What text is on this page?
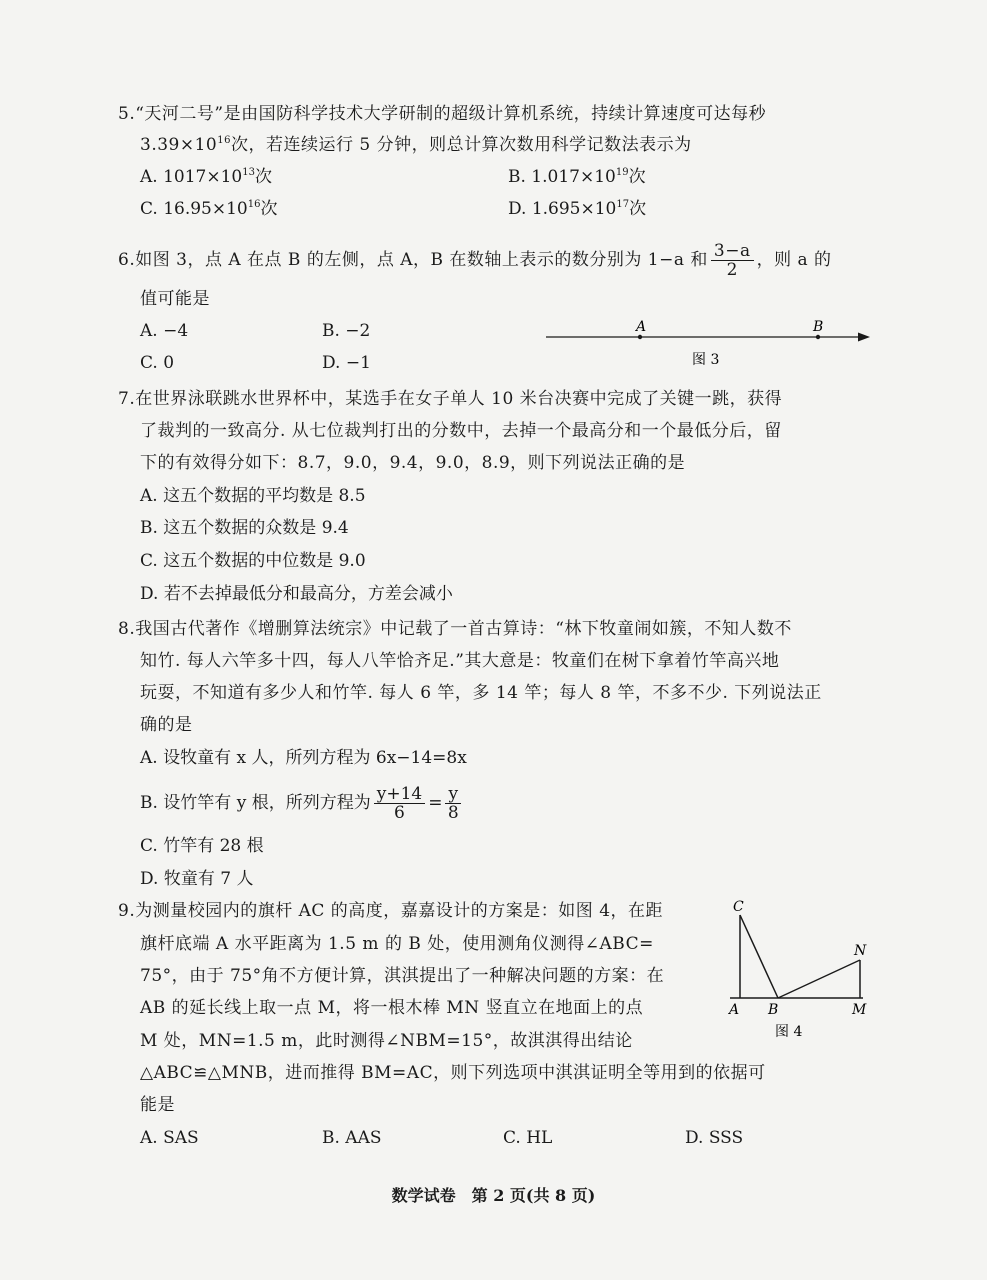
5.“天河二号”是由国防科学技术大学研制的超级计算机系统，持续计算速度可达每秒
$3.39\times 10^{16}$次，若连续运行 5 分钟，则总计算次数用科学记数法表示为
A. $1017\times 10^{13}$次	B. $1.017\times 10^{19}$次
C. $16.95\times 10^{16}$次	D. $1.695\times 10^{17}$次
6.如图 3，点 A 在点 B 的左侧，点 A，B 在数轴上表示的数分别为 1−a 和 $\frac{3-a}{2}$ ，则 a 的
值可能是
A. −4	B. −2
C. 0	D. −1
A	B
图 3
7.在世界泳联跳水世界杯中，某选手在女子单人 10 米台决赛中完成了关键一跳，获得
了裁判的一致高分. 从七位裁判打出的分数中，去掉一个最高分和一个最低分后，留
下的有效得分如下：8.7，9.0，9.4，9.0，8.9，则下列说法正确的是
A. 这五个数据的平均数是 8.5
B. 这五个数据的众数是 9.4
C. 这五个数据的中位数是 9.0
D. 若不去掉最低分和最高分，方差会减小
8.我国古代著作《增删算法统宗》中记载了一首古算诗：“林下牧童闹如簇，不知人数不
知竹. 每人六竿多十四，每人八竿恰齐足.”其大意是：牧童们在树下拿着竹竿高兴地
玩耍，不知道有多少人和竹竿. 每人 6 竿，多 14 竿；每人 8 竿，不多不少. 下列说法正
确的是
A. 设牧童有 x 人，所列方程为 6x−14=8x
B. 设竹竿有 y 根，所列方程为 $\frac{y+14}{6} = \frac{y}{8}$
C. 竹竿有 28 根
D. 牧童有 7 人
9.为测量校园内的旗杆 AC 的高度，嘉嘉设计的方案是：如图 4，在距
旗杆底端 A 水平距离为 1.5 m 的 B 处，使用测角仪测得∠ABC=
75°，由于 75°角不方便计算，淇淇提出了一种解决问题的方案：在
AB 的延长线上取一点 M，将一根木棒 MN 竖直立在地面上的点
M 处，MN=1.5 m，此时测得∠NBM=15°，故淇淇得出结论
△ABC≌△MNB，进而推得 BM=AC，则下列选项中淇淇证明全等用到的依据可
能是
A. SAS	B. AAS	C. HL	D. SSS
C
N
A B	M
图 4
数学试卷　第 2 页(共 8 页)
